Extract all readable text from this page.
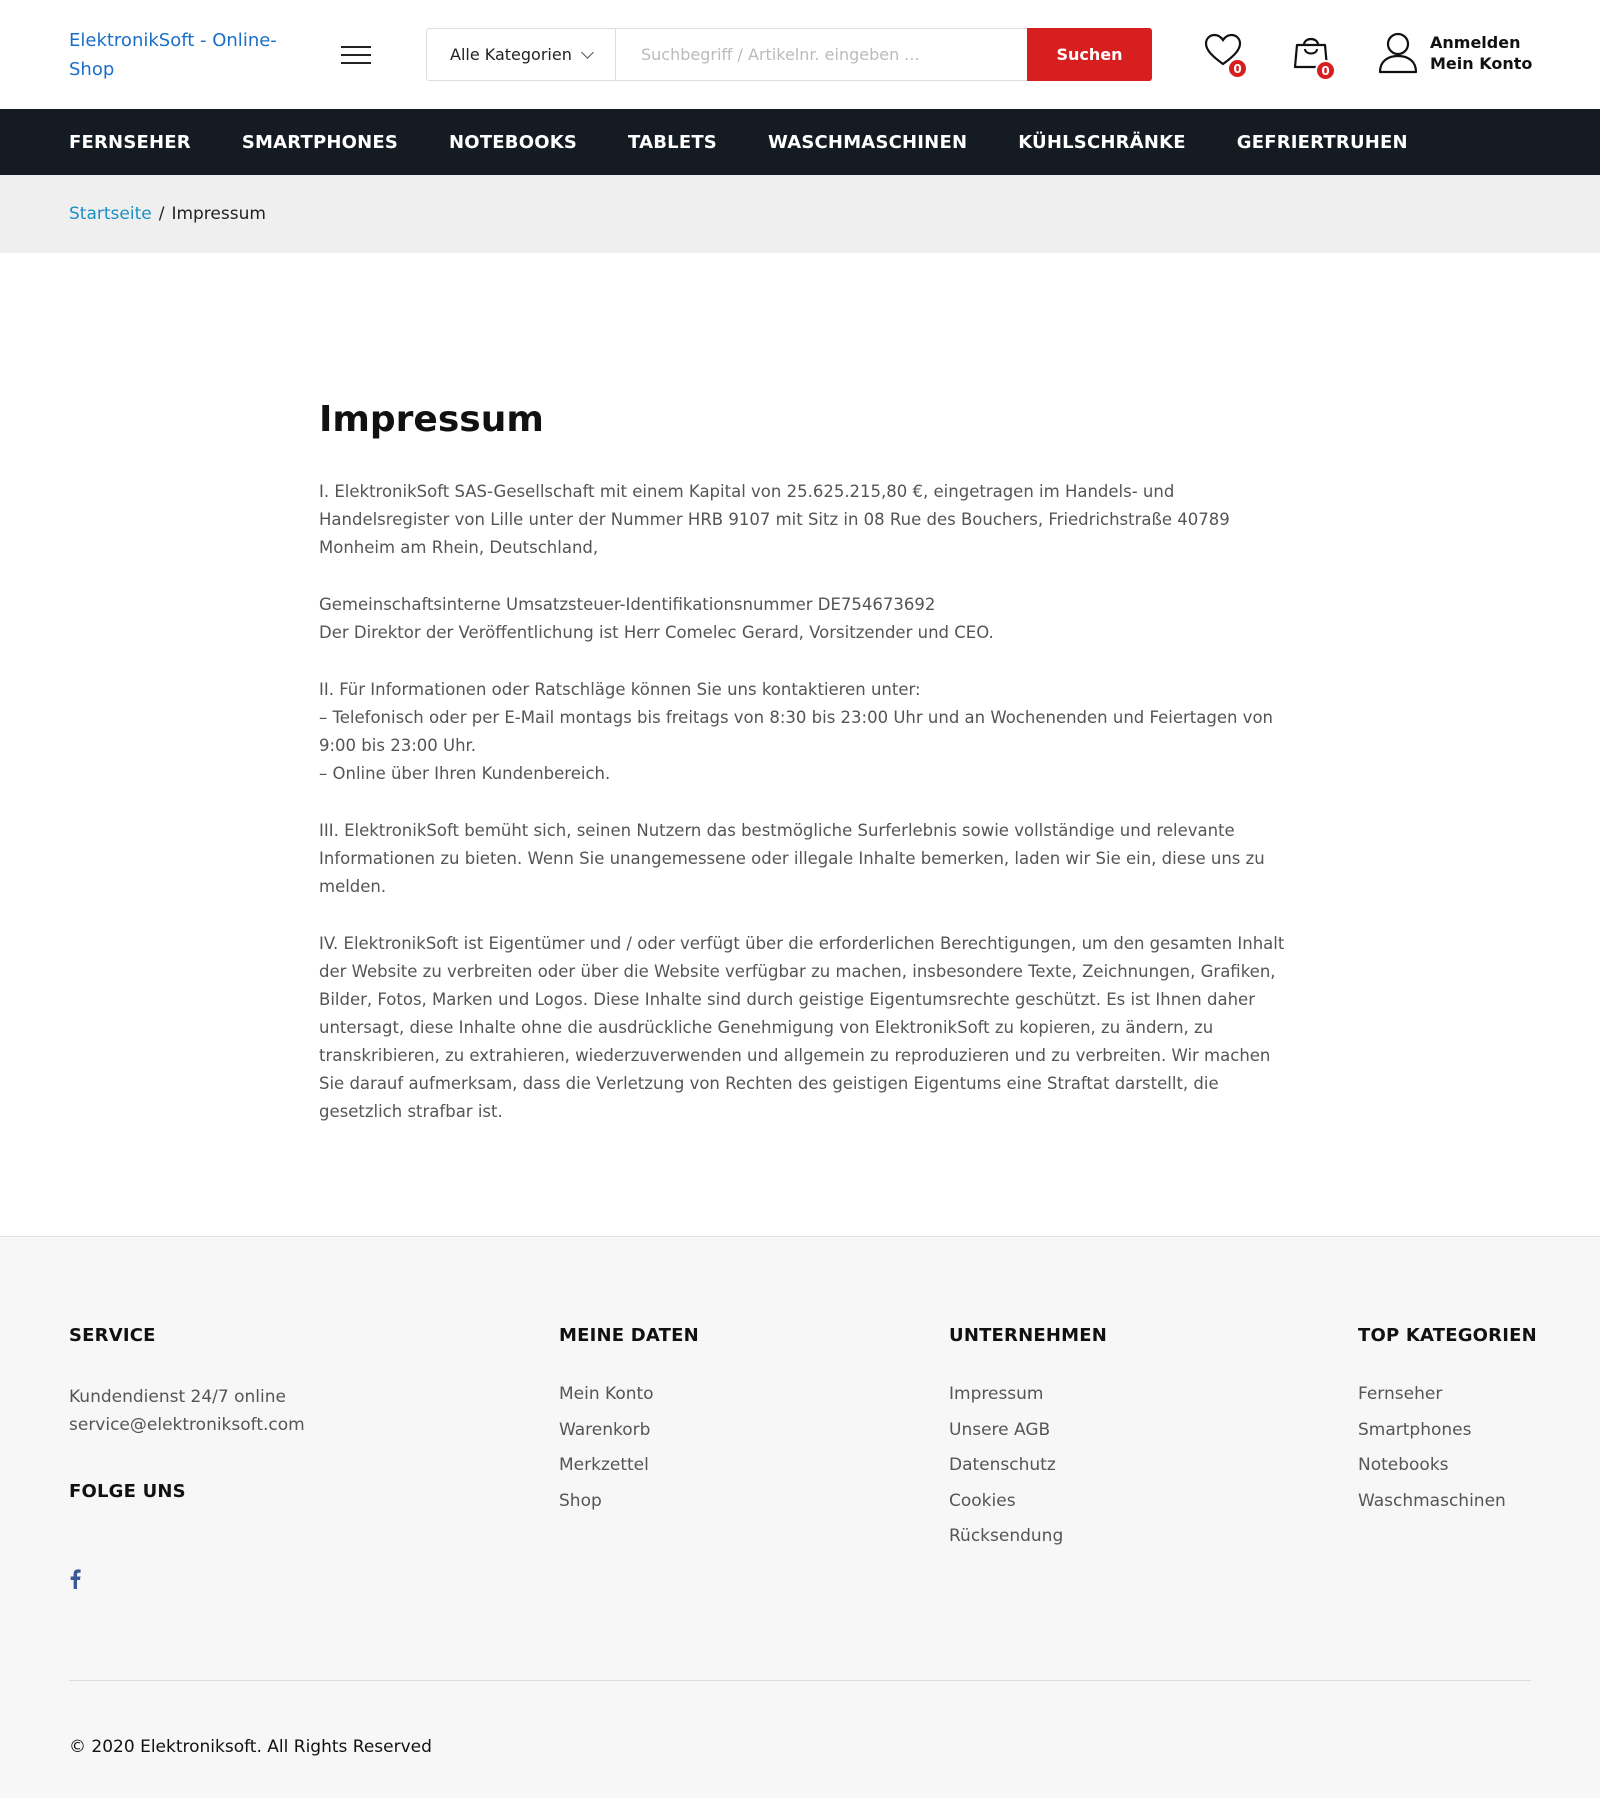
ElektronikSoft - Online-Shop
Alle Kategorien
Suchbegriff / Artikelnr. eingeben ...	Suchen
0	0
Anmelden
Mein Konto
FERNSEHER	SMARTPHONES	NOTEBOOKS	TABLETS	WASCHMASCHINEN	KÜHLSCHRÄNKE	GEFRIERTRUHEN
Startseite / Impressum
Impressum

I. ElektronikSoft SAS-Gesellschaft mit einem Kapital von 25.625.215,80 €, eingetragen im Handels- und Handelsregister von Lille unter der Nummer HRB 9107 mit Sitz in 08 Rue des Bouchers, Friedrichstraße 40789 Monheim am Rhein, Deutschland,

Gemeinschaftsinterne Umsatzsteuer-Identifikationsnummer DE754673692
Der Direktor der Veröffentlichung ist Herr Comelec Gerard, Vorsitzender und CEO.

II. Für Informationen oder Ratschläge können Sie uns kontaktieren unter:
– Telefonisch oder per E-Mail montags bis freitags von 8:30 bis 23:00 Uhr und an Wochenenden und Feiertagen von 9:00 bis 23:00 Uhr.
– Online über Ihren Kundenbereich.

III. ElektronikSoft bemüht sich, seinen Nutzern das bestmögliche Surferlebnis sowie vollständige und relevante Informationen zu bieten. Wenn Sie unangemessene oder illegale Inhalte bemerken, laden wir Sie ein, diese uns zu melden.

IV. ElektronikSoft ist Eigentümer und / oder verfügt über die erforderlichen Berechtigungen, um den gesamten Inhalt der Website zu verbreiten oder über die Website verfügbar zu machen, insbesondere Texte, Zeichnungen, Grafiken, Bilder, Fotos, Marken und Logos. Diese Inhalte sind durch geistige Eigentumsrechte geschützt. Es ist Ihnen daher untersagt, diese Inhalte ohne die ausdrückliche Genehmigung von ElektronikSoft zu kopieren, zu ändern, zu transkribieren, zu extrahieren, wiederzuverwenden und allgemein zu reproduzieren und zu verbreiten. Wir machen Sie darauf aufmerksam, dass die Verletzung von Rechten des geistigen Eigentums eine Straftat darstellt, die gesetzlich strafbar ist.

SERVICE
Kundendienst 24/7 online
service@elektroniksoft.com
FOLGE UNS
MEINE DATEN
Mein Konto
Warenkorb
Merkzettel
Shop
UNTERNEHMEN
Impressum
Unsere AGB
Datenschutz
Cookies
Rücksendung
TOP KATEGORIEN
Fernseher
Smartphones
Notebooks
Waschmaschinen
© 2020 Elektroniksoft. All Rights Reserved
